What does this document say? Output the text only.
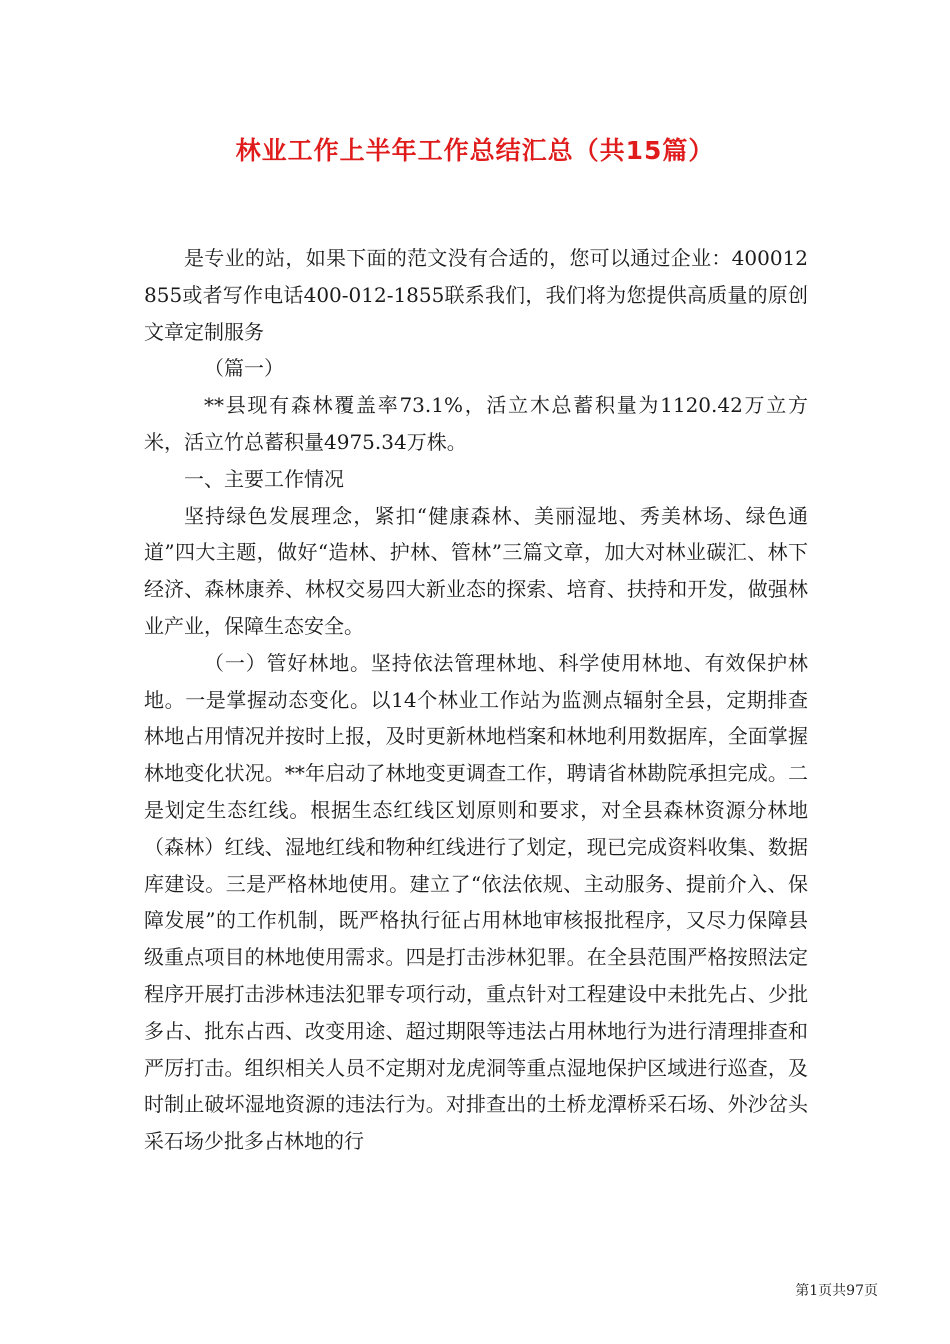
林业工作上半年工作总结汇总（共15篇）

是专业的站，如果下面的范文没有合适的，您可以通过企业：400012855或者写作电话400-012-1855联系我们，我们将为您提供高质量的原创文章定制服务

（篇一）

**县现有森林覆盖率73.1%，活立木总蓄积量为1120.42万立方米，活立竹总蓄积量4975.34万株。

一、主要工作情况

坚持绿色发展理念，紧扣“健康森林、美丽湿地、秀美林场、绿色通道”四大主题，做好“造林、护林、管林”三篇文章，加大对林业碳汇、林下经济、森林康养、林权交易四大新业态的探索、培育、扶持和开发，做强林业产业，保障生态安全。

（一）管好林地。坚持依法管理林地、科学使用林地、有效保护林地。一是掌握动态变化。以14个林业工作站为监测点辐射全县，定期排查林地占用情况并按时上报，及时更新林地档案和林地利用数据库，全面掌握林地变化状况。**年启动了林地变更调查工作，聘请省林勘院承担完成。二是划定生态红线。根据生态红线区划原则和要求，对全县森林资源分林地（森林）红线、湿地红线和物种红线进行了划定，现已完成资料收集、数据库建设。三是严格林地使用。建立了“依法依规、主动服务、提前介入、保障发展”的工作机制，既严格执行征占用林地审核报批程序，又尽力保障县级重点项目的林地使用需求。四是打击涉林犯罪。在全县范围严格按照法定程序开展打击涉林违法犯罪专项行动，重点针对工程建设中未批先占、少批多占、批东占西、改变用途、超过期限等违法占用林地行为进行清理排查和严厉打击。组织相关人员不定期对龙虎洞等重点湿地保护区域进行巡查，及时制止破坏湿地资源的违法行为。对排查出的土桥龙潭桥采石场、外沙岔头采石场少批多占林地的行

第1页共97页
